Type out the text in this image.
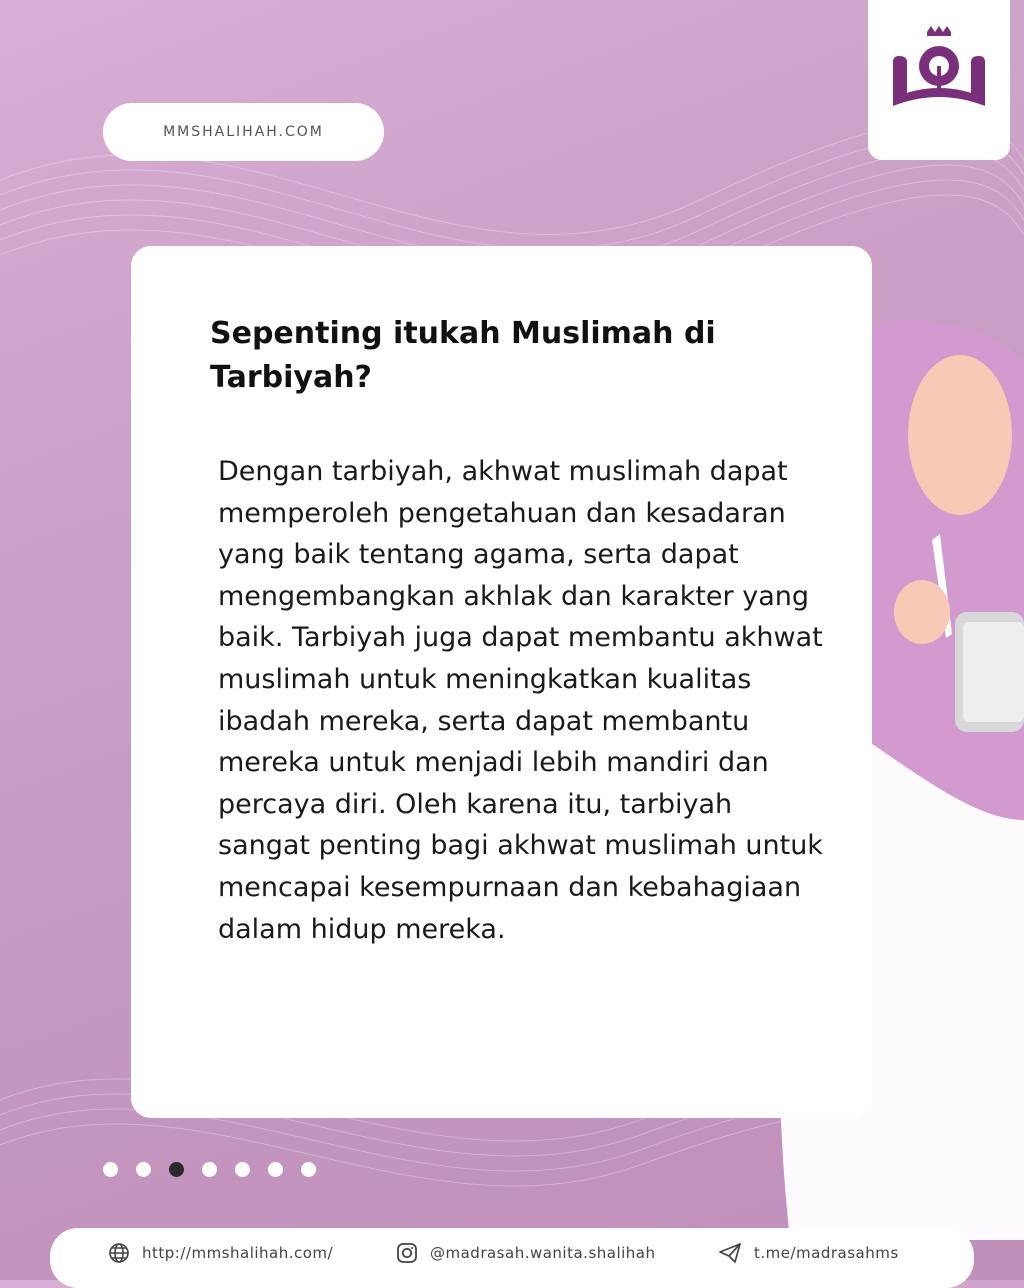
MMSHALIHAH.COM
Sepenting itukah Muslimah di Tarbiyah?

Dengan tarbiyah, akhwat muslimah dapat memperoleh pengetahuan dan kesadaran yang baik tentang agama, serta dapat mengembangkan akhlak dan karakter yang baik. Tarbiyah juga dapat membantu akhwat muslimah untuk meningkatkan kualitas ibadah mereka, serta dapat membantu mereka untuk menjadi lebih mandiri dan percaya diri. Oleh karena itu, tarbiyah sangat penting bagi akhwat muslimah untuk mencapai kesempurnaan dan kebahagiaan dalam hidup mereka.

http://mmshalihah.com/	@madrasah.wanita.shalihah	t.me/madrasahms
